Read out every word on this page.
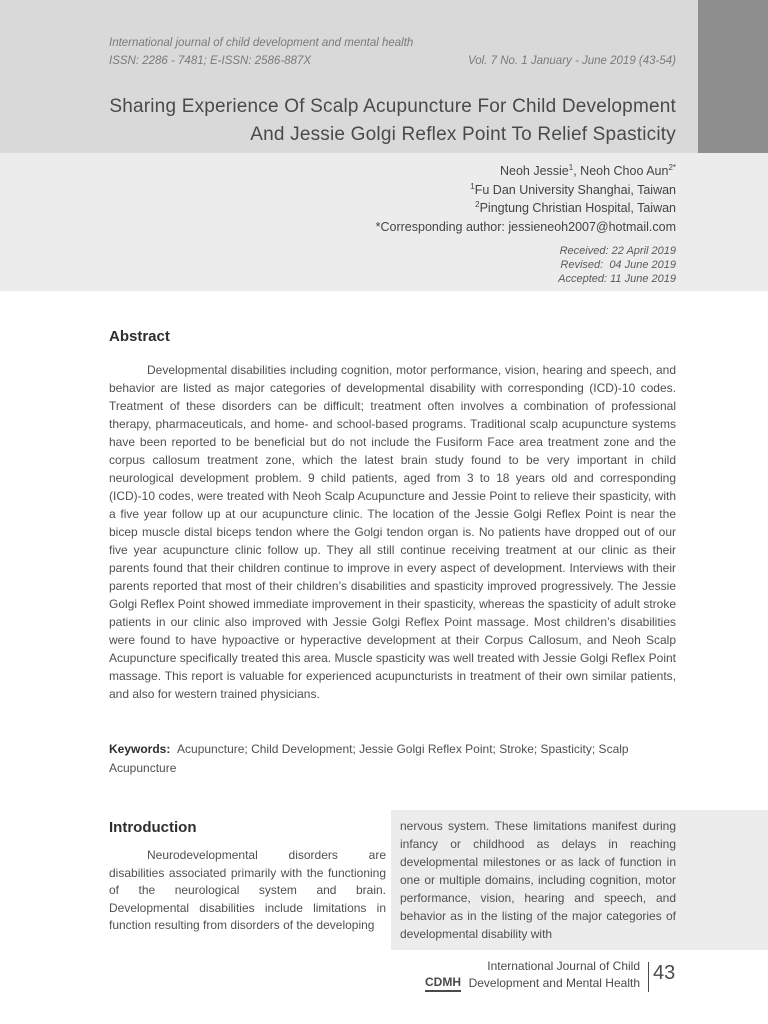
International journal of child development and mental health
ISSN: 2286 - 7481; E-ISSN: 2586-887X	Vol. 7 No. 1 January - June 2019 (43-54)
Sharing Experience Of Scalp Acupuncture For Child Development
And Jessie Golgi Reflex Point To Relief Spasticity
Neoh Jessie$^1$, Neoh Choo Aun$^{2*}$
$^1$Fu Dan University Shanghai, Taiwan
$^2$Pingtung Christian Hospital, Taiwan
*Corresponding author: jessieneoh2007@hotmail.com
Received: 22 April 2019
Revised:  04 June 2019
Accepted: 11 June 2019
Abstract

Developmental disabilities including cognition, motor performance, vision, hearing and speech, and behavior are listed as major categories of developmental disability with corresponding (ICD)-10 codes. Treatment of these disorders can be difficult; treatment often involves a combination of professional therapy, pharmaceuticals, and home- and school-based programs. Traditional scalp acupuncture systems have been reported to be beneficial but do not include the Fusiform Face area treatment zone and the corpus callosum treatment zone, which the latest brain study found to be very important in child neurological development problem. 9 child patients, aged from 3 to 18 years old and corresponding (ICD)-10 codes, were treated with Neoh Scalp Acupuncture and Jessie Point to relieve their spasticity, with a five year follow up at our acupuncture clinic. The location of the Jessie Golgi Reflex Point is near the bicep muscle distal biceps tendon where the Golgi tendon organ is. No patients have dropped out of our five year acupuncture clinic follow up. They all still continue receiving treatment at our clinic as their parents found that their children continue to improve in every aspect of development. Interviews with their parents reported that most of their children’s disabilities and spasticity improved progressively. The Jessie Golgi Reflex Point showed immediate improvement in their spasticity, whereas the spasticity of adult stroke patients in our clinic also improved with Jessie Golgi Reflex Point massage. Most children’s disabilities were found to have hypoactive or hyperactive development at their Corpus Callosum, and Neoh Scalp Acupuncture specifically treated this area. Muscle spasticity was well treated with Jessie Golgi Reflex Point massage. This report is valuable for experienced acupuncturists in treatment of their own similar patients, and also for western trained physicians.

Keywords: Acupuncture; Child Development; Jessie Golgi Reflex Point; Stroke; Spasticity; Scalp Acupuncture

Introduction

Neurodevelopmental disorders are disabilities associated primarily with the functioning of the neurological system and brain. Developmental disabilities include limitations in function resulting from disorders of the developing

nervous system. These limitations manifest during infancy or childhood as delays in reaching developmental milestones or as lack of function in one or multiple domains, including cognition, motor performance, vision, hearing and speech, and behavior as in the listing of the major categories of developmental disability with

International Journal of Child
Development and Mental Health
CDMH	43
